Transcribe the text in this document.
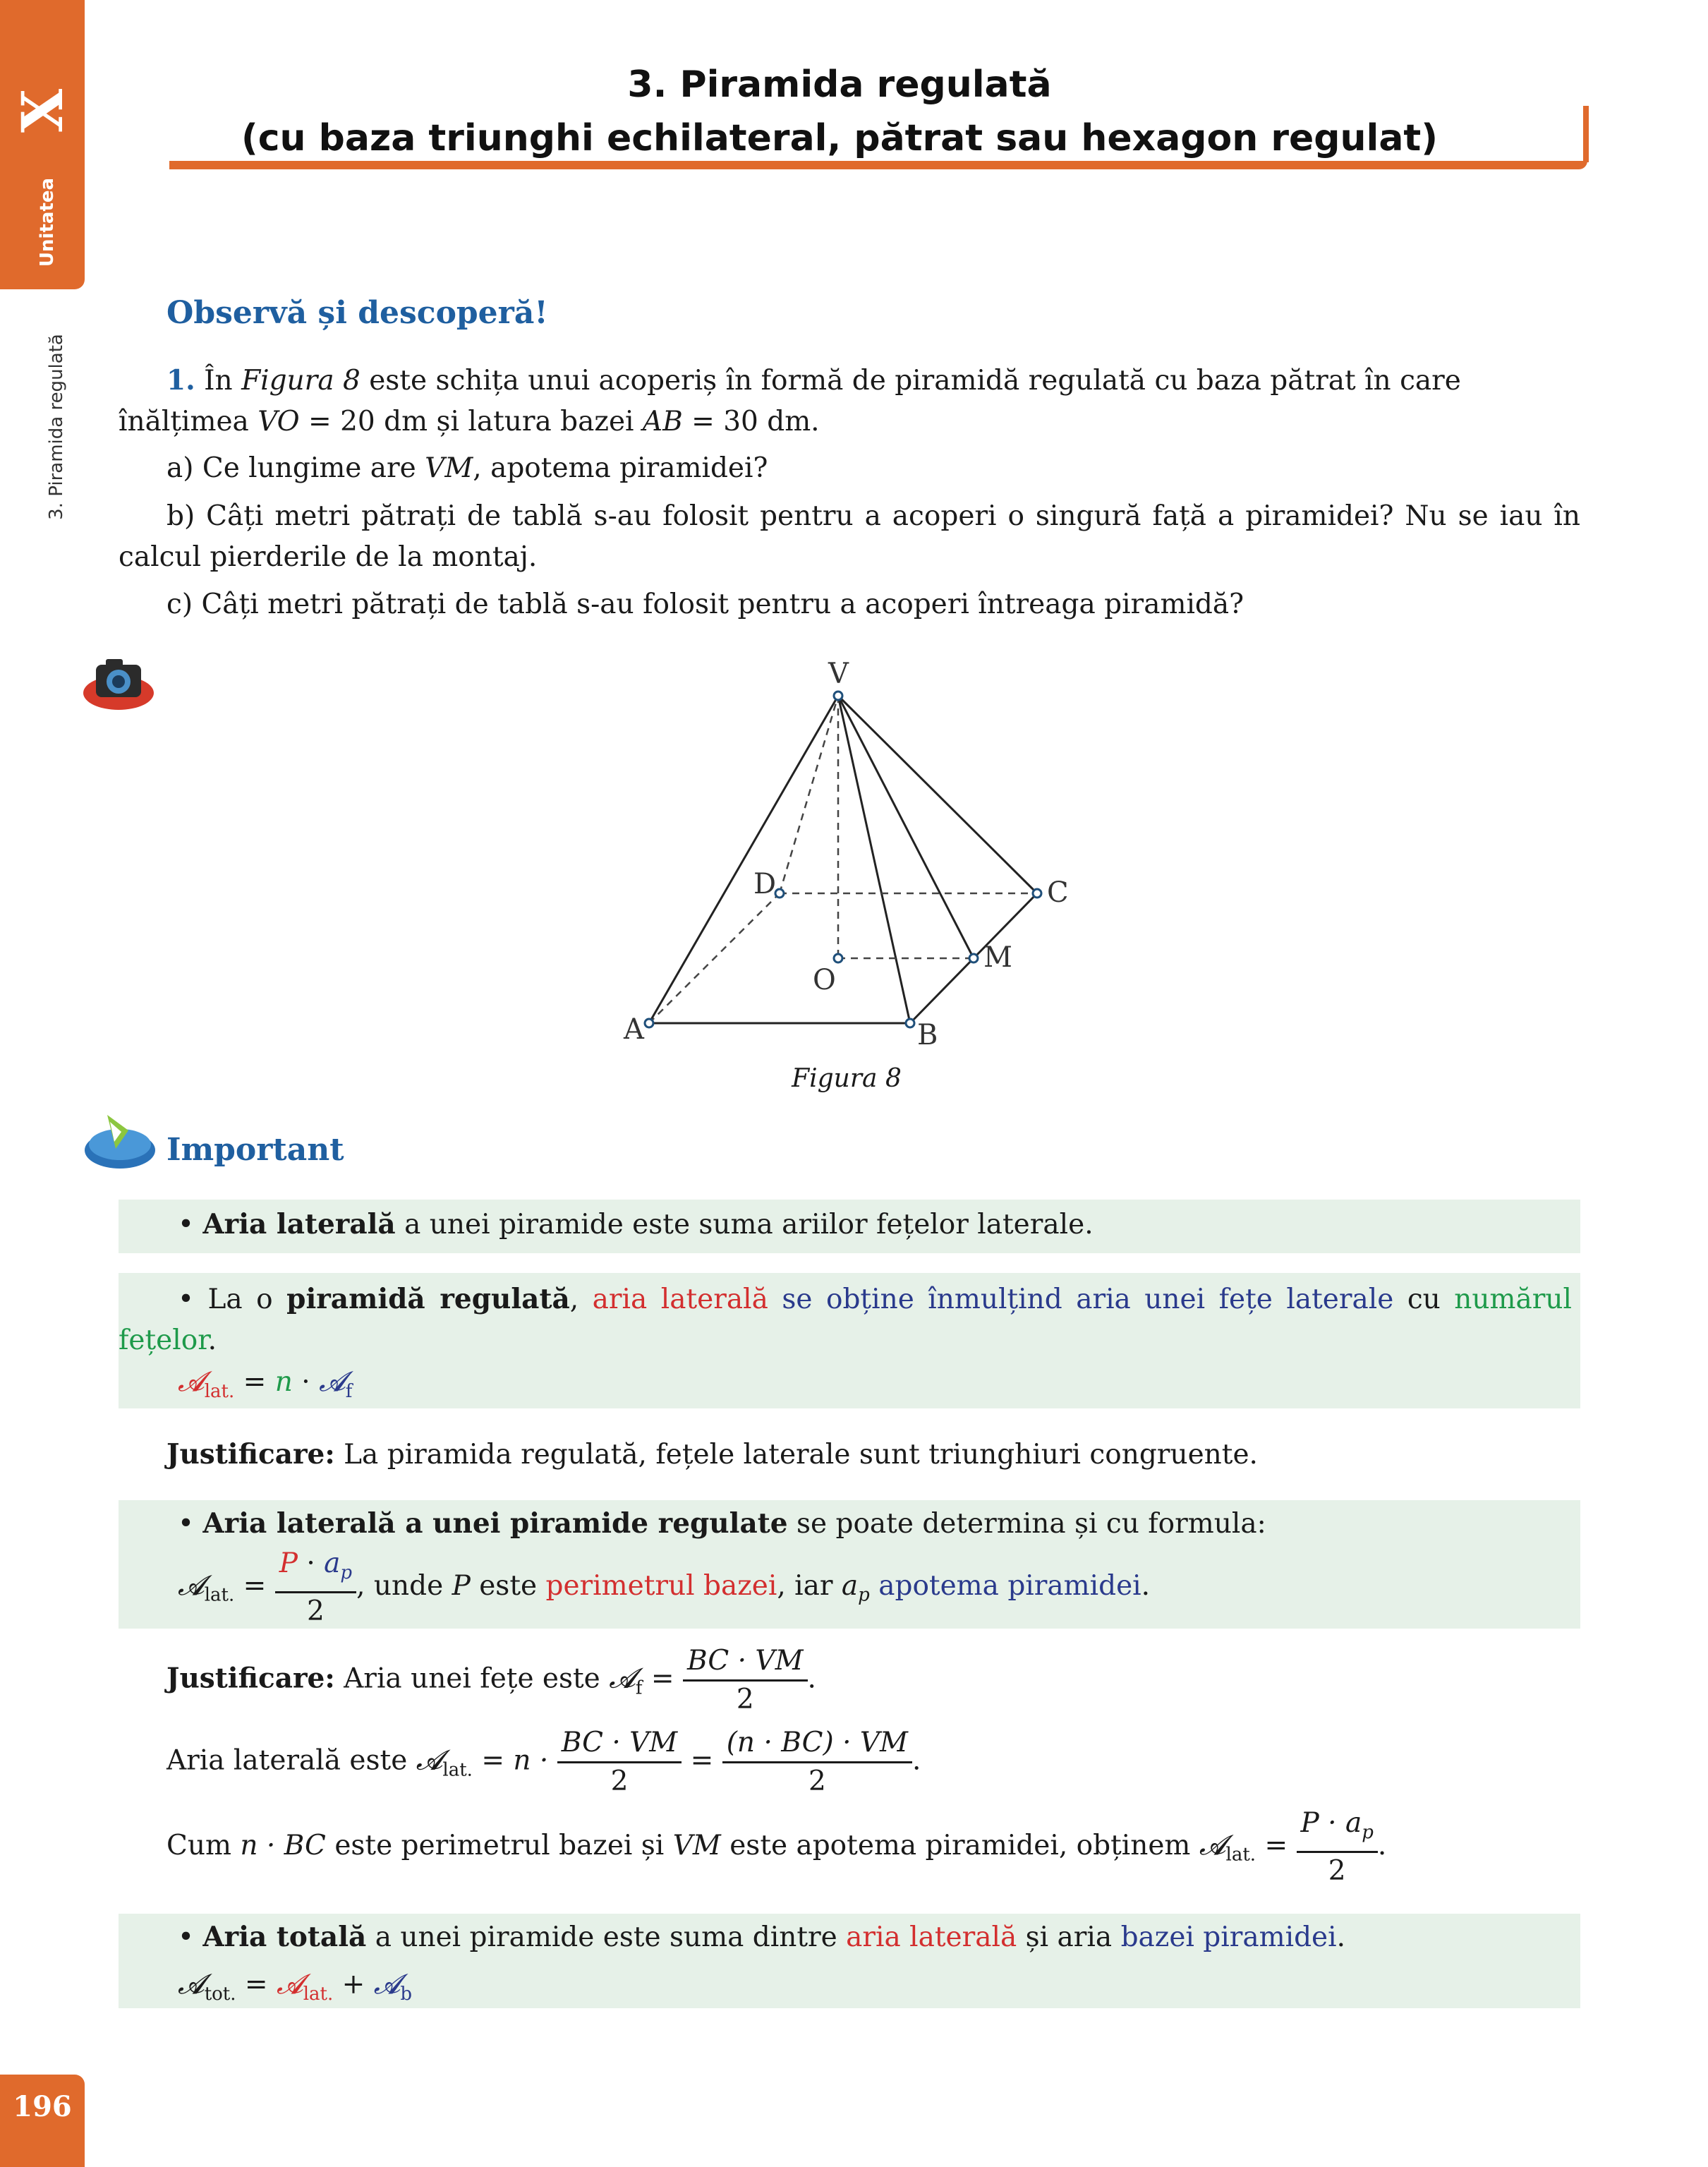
X
Unitatea
3. Piramida regulată
196
3. Piramida regulată
(cu baza triunghi echilateral, pătrat sau hexagon regulat)
Observă și descoperă!
1. În Figura 8 este schița unui acoperiș în formă de piramidă regulată cu baza pătrat în care înălțimea VO = 20 dm și latura bazei AB = 30 dm.
a) Ce lungime are VM, apotema piramidei?
b) Câți metri pătrați de tablă s-au folosit pentru a acoperi o singură față a piramidei? Nu se iau în calcul pierderile de la montaj.
c) Câți metri pătrați de tablă s-au folosit pentru a acoperi întreaga piramidă?
V
A	B
C
D
O
M
Figura 8
Important
• Aria laterală a unei piramide este suma ariilor fețelor laterale.
• La o piramidă regulată, aria laterală se obține înmulțind aria unei fețe laterale cu numărul fețelor.
𝓐$_{lat.}$ = n · 𝓐$_f$
Justificare: La piramida regulată, fețele laterale sunt triunghiuri congruente.
• Aria laterală a unei piramide regulate se poate determina și cu formula:
𝓐$_{lat.}$ = $\frac{P \cdot a_p}{2}$ , unde P este perimetrul bazei, iar $a_p$ apotema piramidei.
Justificare: Aria unei fețe este 𝓐$_f$ = $\frac{BC \cdot VM}{2}$ .
Aria laterală este 𝓐$_{lat.}$ = $n \cdot \frac{BC \cdot VM}{2} = \frac{(n \cdot BC) \cdot VM}{2}$ .
Cum n · BC este perimetrul bazei și VM este apotema piramidei, obținem 𝓐$_{lat.}$ = $\frac{P \cdot a_p}{2}$ .
• Aria totală a unei piramide este suma dintre aria laterală și aria bazei piramidei.
𝓐$_{tot.}$ = 𝓐$_{lat.}$ + 𝓐$_b$
